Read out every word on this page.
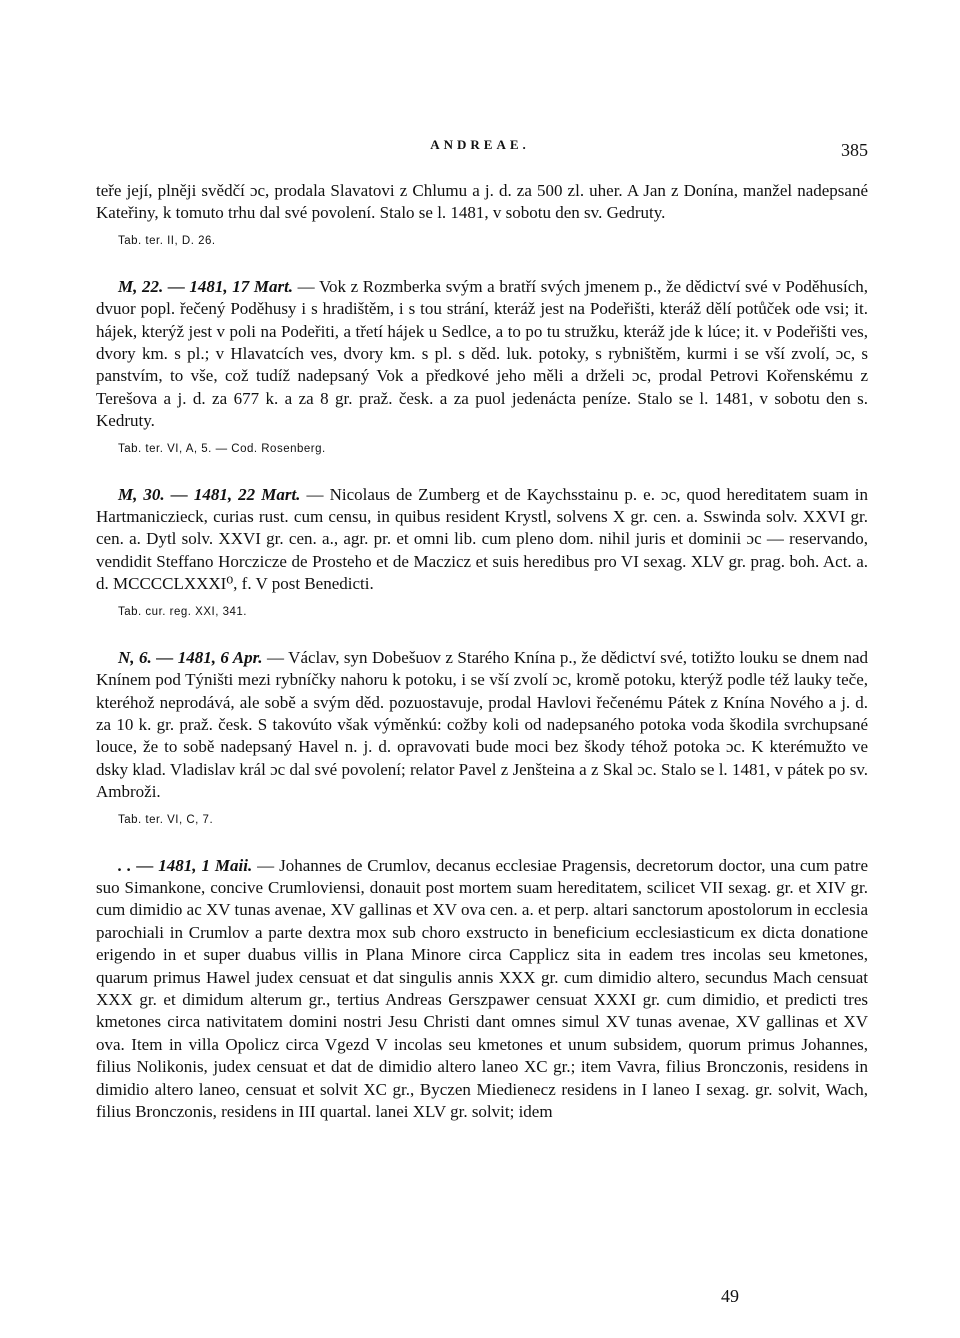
ANDREAE.	385

teře její, plněji svědčí ɔc, prodala Slavatovi z Chlumu a j. d. za 500 zl. uher. A Jan z Donína, manžel nadepsané Kateřiny, k tomuto trhu dal své povolení. Stalo se l. 1481, v sobotu den sv. Gedruty.

Tab. ter. II, D. 26.

M, 22. — 1481, 17 Mart. — Vok z Rozmberka svým a bratří svých jmenem p., že dědictví své v Poděhusích, dvuor popl. řečený Poděhusy i s hradištěm, i s tou strání, kteráž jest na Podeřišti, kteráž dělí potůček ode vsi; it. hájek, kterýž jest v poli na Podeřiti, a třetí hájek u Sedlce, a to po tu stružku, kteráž jde k lúce; it. v Podeřišti ves, dvory km. s pl.; v Hlavatcích ves, dvory km. s pl. s děd. luk. potoky, s rybništěm, kurmi i se vší zvolí, ɔc, s panstvím, to vše, což tudíž nadepsaný Vok a předkové jeho měli a drželi ɔc, prodal Petrovi Kořenskému z Terešova a j. d. za 677 k. a za 8 gr. praž. česk. a za puol jedenácta peníze. Stalo se l. 1481, v sobotu den s. Kedruty.

Tab. ter. VI, A, 5. — Cod. Rosenberg.

M, 30. — 1481, 22 Mart. — Nicolaus de Zumberg et de Kaychsstainu p. e. ɔc, quod hereditatem suam in Hartmaniczieck, curias rust. cum censu, in quibus resident Krystl, solvens X gr. cen. a. Sswinda solv. XXVI gr. cen. a. Dytl solv. XXVI gr. cen. a., agr. pr. et omni lib. cum pleno dom. nihil juris et dominii ɔc — reservando, vendidit Steffano Horczicze de Prosteho et de Maczicz et suis heredibus pro VI sexag. XLV gr. prag. boh. Act. a. d. MCCCCLXXXI⁰, f. V post Benedicti.

Tab. cur. reg. XXI, 341.

N, 6. — 1481, 6 Apr. — Václav, syn Dobešuov z Starého Knína p., že dědictví své, totižto louku se dnem nad Knínem pod Týništi mezi rybníčky nahoru k potoku, i se vší zvolí ɔc, kromě potoku, kterýž podle též lauky teče, kteréhož neprodává, ale sobě a svým děd. pozuostavuje, prodal Havlovi řečenému Pátek z Knína Nového a j. d. za 10 k. gr. praž. česk. S takovúto však výměnkú: cožby koli od nadepsaného potoka voda škodila svrchupsané louce, že to sobě nadepsaný Havel n. j. d. opravovati bude moci bez škody téhož potoka ɔc. K kterémužto ve dsky klad. Vladislav král ɔc dal své povolení; relator Pavel z Jenšteina a z Skal ɔc. Stalo se l. 1481, v pátek po sv. Ambroži.

Tab. ter. VI, C, 7.

. . — 1481, 1 Maii. — Johannes de Crumlov, decanus ecclesiae Pragensis, decretorum doctor, una cum patre suo Simankone, concive Crumloviensi, donauit post mortem suam hereditatem, scilicet VII sexag. gr. et XIV gr. cum dimidio ac XV tunas avenae, XV gallinas et XV ova cen. a. et perp. altari sanctorum apostolorum in ecclesia parochiali in Crumlov a parte dextra mox sub choro exstructo in beneficium ecclesiasticum ex dicta donatione erigendo in et super duabus villis in Plana Minore circa Capplicz sita in eadem tres incolas seu kmetones, quarum primus Hawel judex censuat et dat singulis annis XXX gr. cum dimidio altero, secundus Mach censuat XXX gr. et dimidum alterum gr., tertius Andreas Gerszpawer censuat XXXI gr. cum dimidio, et predicti tres kmetones circa nativitatem domini nostri Jesu Christi dant omnes simul XV tunas avenae, XV gallinas et XV ova. Item in villa Opolicz circa Vgezd V incolas seu kmetones et unum subsidem, quorum primus Johannes, filius Nolikonis, judex censuat et dat de dimidio altero laneo XC gr.; item Vavra, filius Bronczonis, residens in dimidio altero laneo, censuat et solvit XC gr., Byczen Miedienecz residens in I laneo I sexag. gr. solvit, Wach, filius Bronczonis, residens in III quartal. lanei XLV gr. solvit; idem

49
